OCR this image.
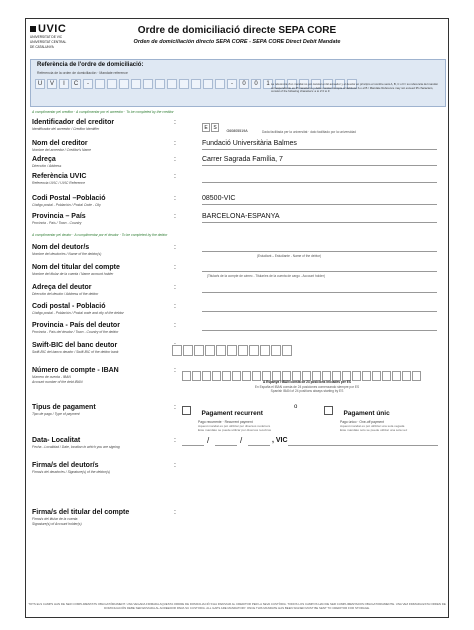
UVIC
UNIVERSITAT DE VIC
UNIVERSITAT CENTRAL
DE CATALUNYA
Ordre de domiciliació directe SEPA CORE
Orden de domiciliación directo SEPA CORE - SEPA CORE Direct Debit Mandate
Referència de l'ordre de domiciliació:
Referencia de la orden de domiciliación · Mandate reference
U	V	I	C	-	-	0	0	1 La referència d'un mandat no pot canviar en El acreedor y el deudor en principio el nombre será A, B, C o D / su referencia del mandat correspondiente es 35 caracteres y debe constar siempre al debitorer A o el B / Mandate Reference may not exceed 35 characters, consist of the following characters: a to Z 0 to 9
A complimentar pel creditor · A cumplimentar por el acreedor · To be completed by the creditor
Identificador del creditor
Identificador del acreedor / Creditor Identifier
:
E S	G60805519A	Dada facilitada per la universitat · dato facilitado por la universidad
Nom del creditor
Nombre del acreedor / Creditor's Name
:	Fundació Universitària Balmes
Adreça
Dirección / Address
:	Carrer Sagrada Família, 7
Referència UVIC
Referencia UVIC / UVIC Reference
:
Codi Postal –Població
Código postal - Población / Postal Code - City
:	08500-VIC
Provincia – País
Provincia - País / Town - Country
:	BARCELONA-ESPANYA
A complimentar pel deutor · A cumplimentar por el deudor · To be completed by the debtor
Nom del deutor/s
Nombre del deudor/es / Name of the debtor(s)
:
(Estudiant – Estudiante - Name of the debtor)
Nom del titular del compte
Nombre del titular de la cuenta / Name account holder
:
(Titular/s de la compte de càrrec - Titular/es de la cuenta de cargo - Account holder)
Adreça del deutor
Dirección del deudor / Address of the debtor
:
Codi postal - Població
Código postal - Población / Postal code and city of the debtor
:
Provincia - País del deutor
Provincia - País del deudor / Town - Country of the debtor
:
Swift-BIC del banc deutor
Swift-BIC del banco deudor / Swift-BIC of the debtor bank
Número de compte - IBAN
Número de cuenta - IBAN
Account number of the debt IBAN
:
A Espanya l'IBAN consta de 24 posicions iniciades per ES
En España el IBAN consta de 24 posiciones comenzando siempre por ES
Spanish IBAN of 24 positions always starting by ES
Tipus de pagament
Tipo de pago / Type of payment
:
Pagament recurrent
Pago recurrente · Recurrent payment
Aquest mandat es pot utilitzar per diversos recàrrecs
Este mandato se puede utilizar por diversos recobros
o
Pagament únic
Pago único · One-off payment
Aquest mandat es pot utilitzar una sola vegada
Este mandato solo se puede utilizar una sola vez
Data- Localitat
Fecha - Localidad / Date, location in which you are signing
:	/	/	, VIC
Firma/s del deutor/s
Firma/s del deudor/es / Signature(s) of the debtor(s)
:
Firma/s del titular del compte
Firma/s del titular de la cuenta
Signature(s) of Account holder(s)
:
TOTS ELS CAMPS HAN DE SER COMPLIMENTATS OBLIGATÒRIAMENT. UNA VEGADA FIRMADA AQUESTA ORDRE DE DOMICILIACIÓ S'HA D'ENVIAR AL CREDITOR PER LA SEVA CUSTÒDIA. TODOS LOS CAMPOS HAN DE SER CUMPLIMENTADOS OBLIGATORIAMENTE. UNA VEZ FIRMADA ESTA ORDEN DE DOMICILIACIÓN DEBE SER ENVIADA AL ACREEDOR PARA SU CUSTODIA. ALL GAPS ARE MANDATORY. ONCE THIS MANDATE HAS BEEN SIGNED MUST BE SENT TO CREDITOR FOR STORAGE.
